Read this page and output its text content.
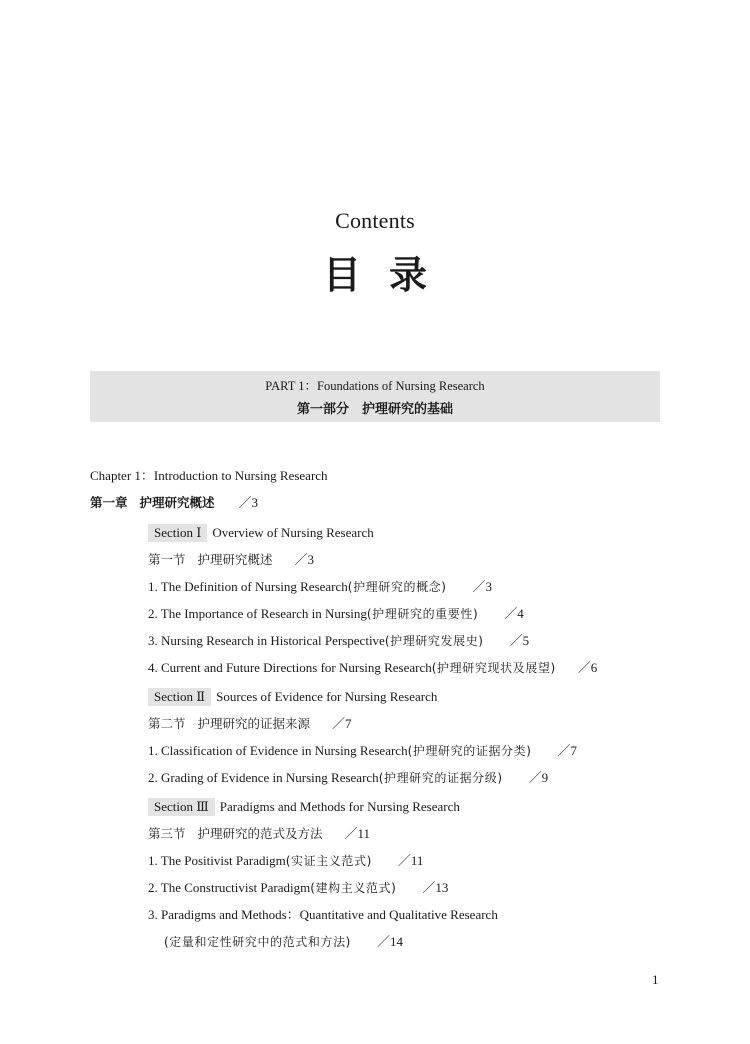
Contents
目录
PART 1：Foundations of Nursing Research
第一部分　护理研究的基础
Chapter 1：Introduction to Nursing Research
第一章 护理研究概述 ／3
Section Ⅰ Overview of Nursing Research
第一节 护理研究概述 ／3
1. The Definition of Nursing Research(护理研究的概念) ／3
2. The Importance of Research in Nursing(护理研究的重要性) ／4
3. Nursing Research in Historical Perspective(护理研究发展史) ／5
4. Current and Future Directions for Nursing Research(护理研究现状及展望) ／6
Section Ⅱ Sources of Evidence for Nursing Research
第二节 护理研究的证据来源 ／7
1. Classification of Evidence in Nursing Research(护理研究的证据分类) ／7
2. Grading of Evidence in Nursing Research(护理研究的证据分级) ／9
Section Ⅲ Paradigms and Methods for Nursing Research
第三节 护理研究的范式及方法 ／11
1. The Positivist Paradigm(实证主义范式) ／11
2. The Constructivist Paradigm(建构主义范式) ／13
3. Paradigms and Methods：Quantitative and Qualitative Research
(定量和定性研究中的范式和方法) ／14
1
